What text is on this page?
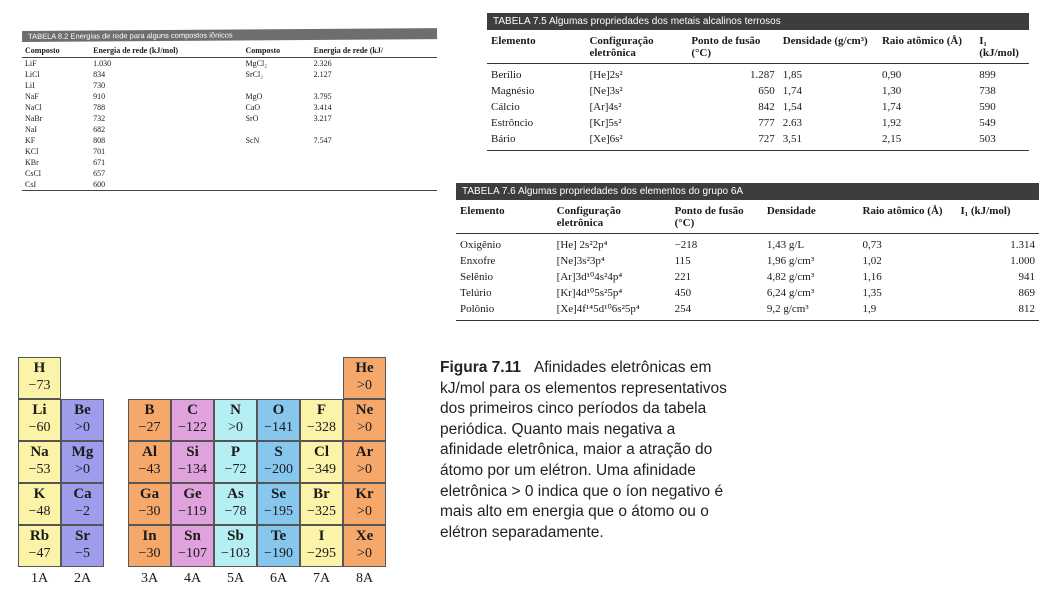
TABELA 8.2 Energias de rede para alguns compostos iônicos
Composto	Energia de rede (kJ/mol)	Composto	Energia de rede (kJ/
LiF	1.030	MgCl₂	2.326
LiCl	834	SrCl₂	2.127
LiI	730		
NaF	910	MgO	3.795
NaCl	788	CaO	3.414
NaBr	732	SrO	3.217
NaI	682		
KF	808	ScN	7.547
KCl	701		
KBr	671		
CsCl	657		
CsI	600		
TABELA 7.5 Algumas propriedades dos metais alcalinos terrosos
Elemento	Configuração eletrônica	Ponto de fusão (°C)	Densidade (g/cm³)	Raio atômico (Å)	I₁ (kJ/mol)
Berílio	[He]2s²	1.287	1,85	0,90	899
Magnésio	[Ne]3s²	650	1,74	1,30	738
Cálcio	[Ar]4s²	842	1,54	1,74	590
Estrôncio	[Kr]5s²	777	2.63	1,92	549
Bário	[Xe]6s²	727	3,51	2,15	503
TABELA 7.6 Algumas propriedades dos elementos do grupo 6A
Elemento	Configuração eletrônica	Ponto de fusão (°C)	Densidade	Raio atômico (Å)	I₁ (kJ/mol)
Oxigênio	[He] 2s²2p⁴	−218	1,43 g/L	0,73	1.314
Enxofre	[Ne]3s²3p⁴	115	1,96 g/cm³	1,02	1.000
Selênio	[Ar]3d¹⁰4s²4p⁴	221	4,82 g/cm³	1,16	941
Telúrio	[Kr]4d¹⁰5s²5p⁴	450	6,24 g/cm³	1,35	869
Polônio	[Xe]4f¹⁴5d¹⁰6s²5p⁴	254	9,2 g/cm³	1,9	812
H
−73
He
>0
Li
−60
Be
>0
B
−27
C
−122
N
>0
O
−141
F
−328
Ne
>0
Na
−53
Mg
>0
Al
−43
Si
−134
P
−72
S
−200
Cl
−349
Ar
>0
K
−48
Ca
−2
Ga
−30
Ge
−119
As
−78
Se
−195
Br
−325
Kr
>0
Rb
−47
Sr
−5
In
−30
Sn
−107
Sb
−103
Te
−190
I
−295
Xe
>0
1A	2A	3A	4A	5A	6A	7A	8A

Figura 7.11 Afinidades eletrônicas em kJ/mol para os elementos representativos dos primeiros cinco períodos da tabela periódica. Quanto mais negativa a afinidade eletrônica, maior a atração do átomo por um elétron. Uma afinidade eletrônica > 0 indica que o íon negativo é mais alto em energia que o átomo ou o elétron separadamente.
